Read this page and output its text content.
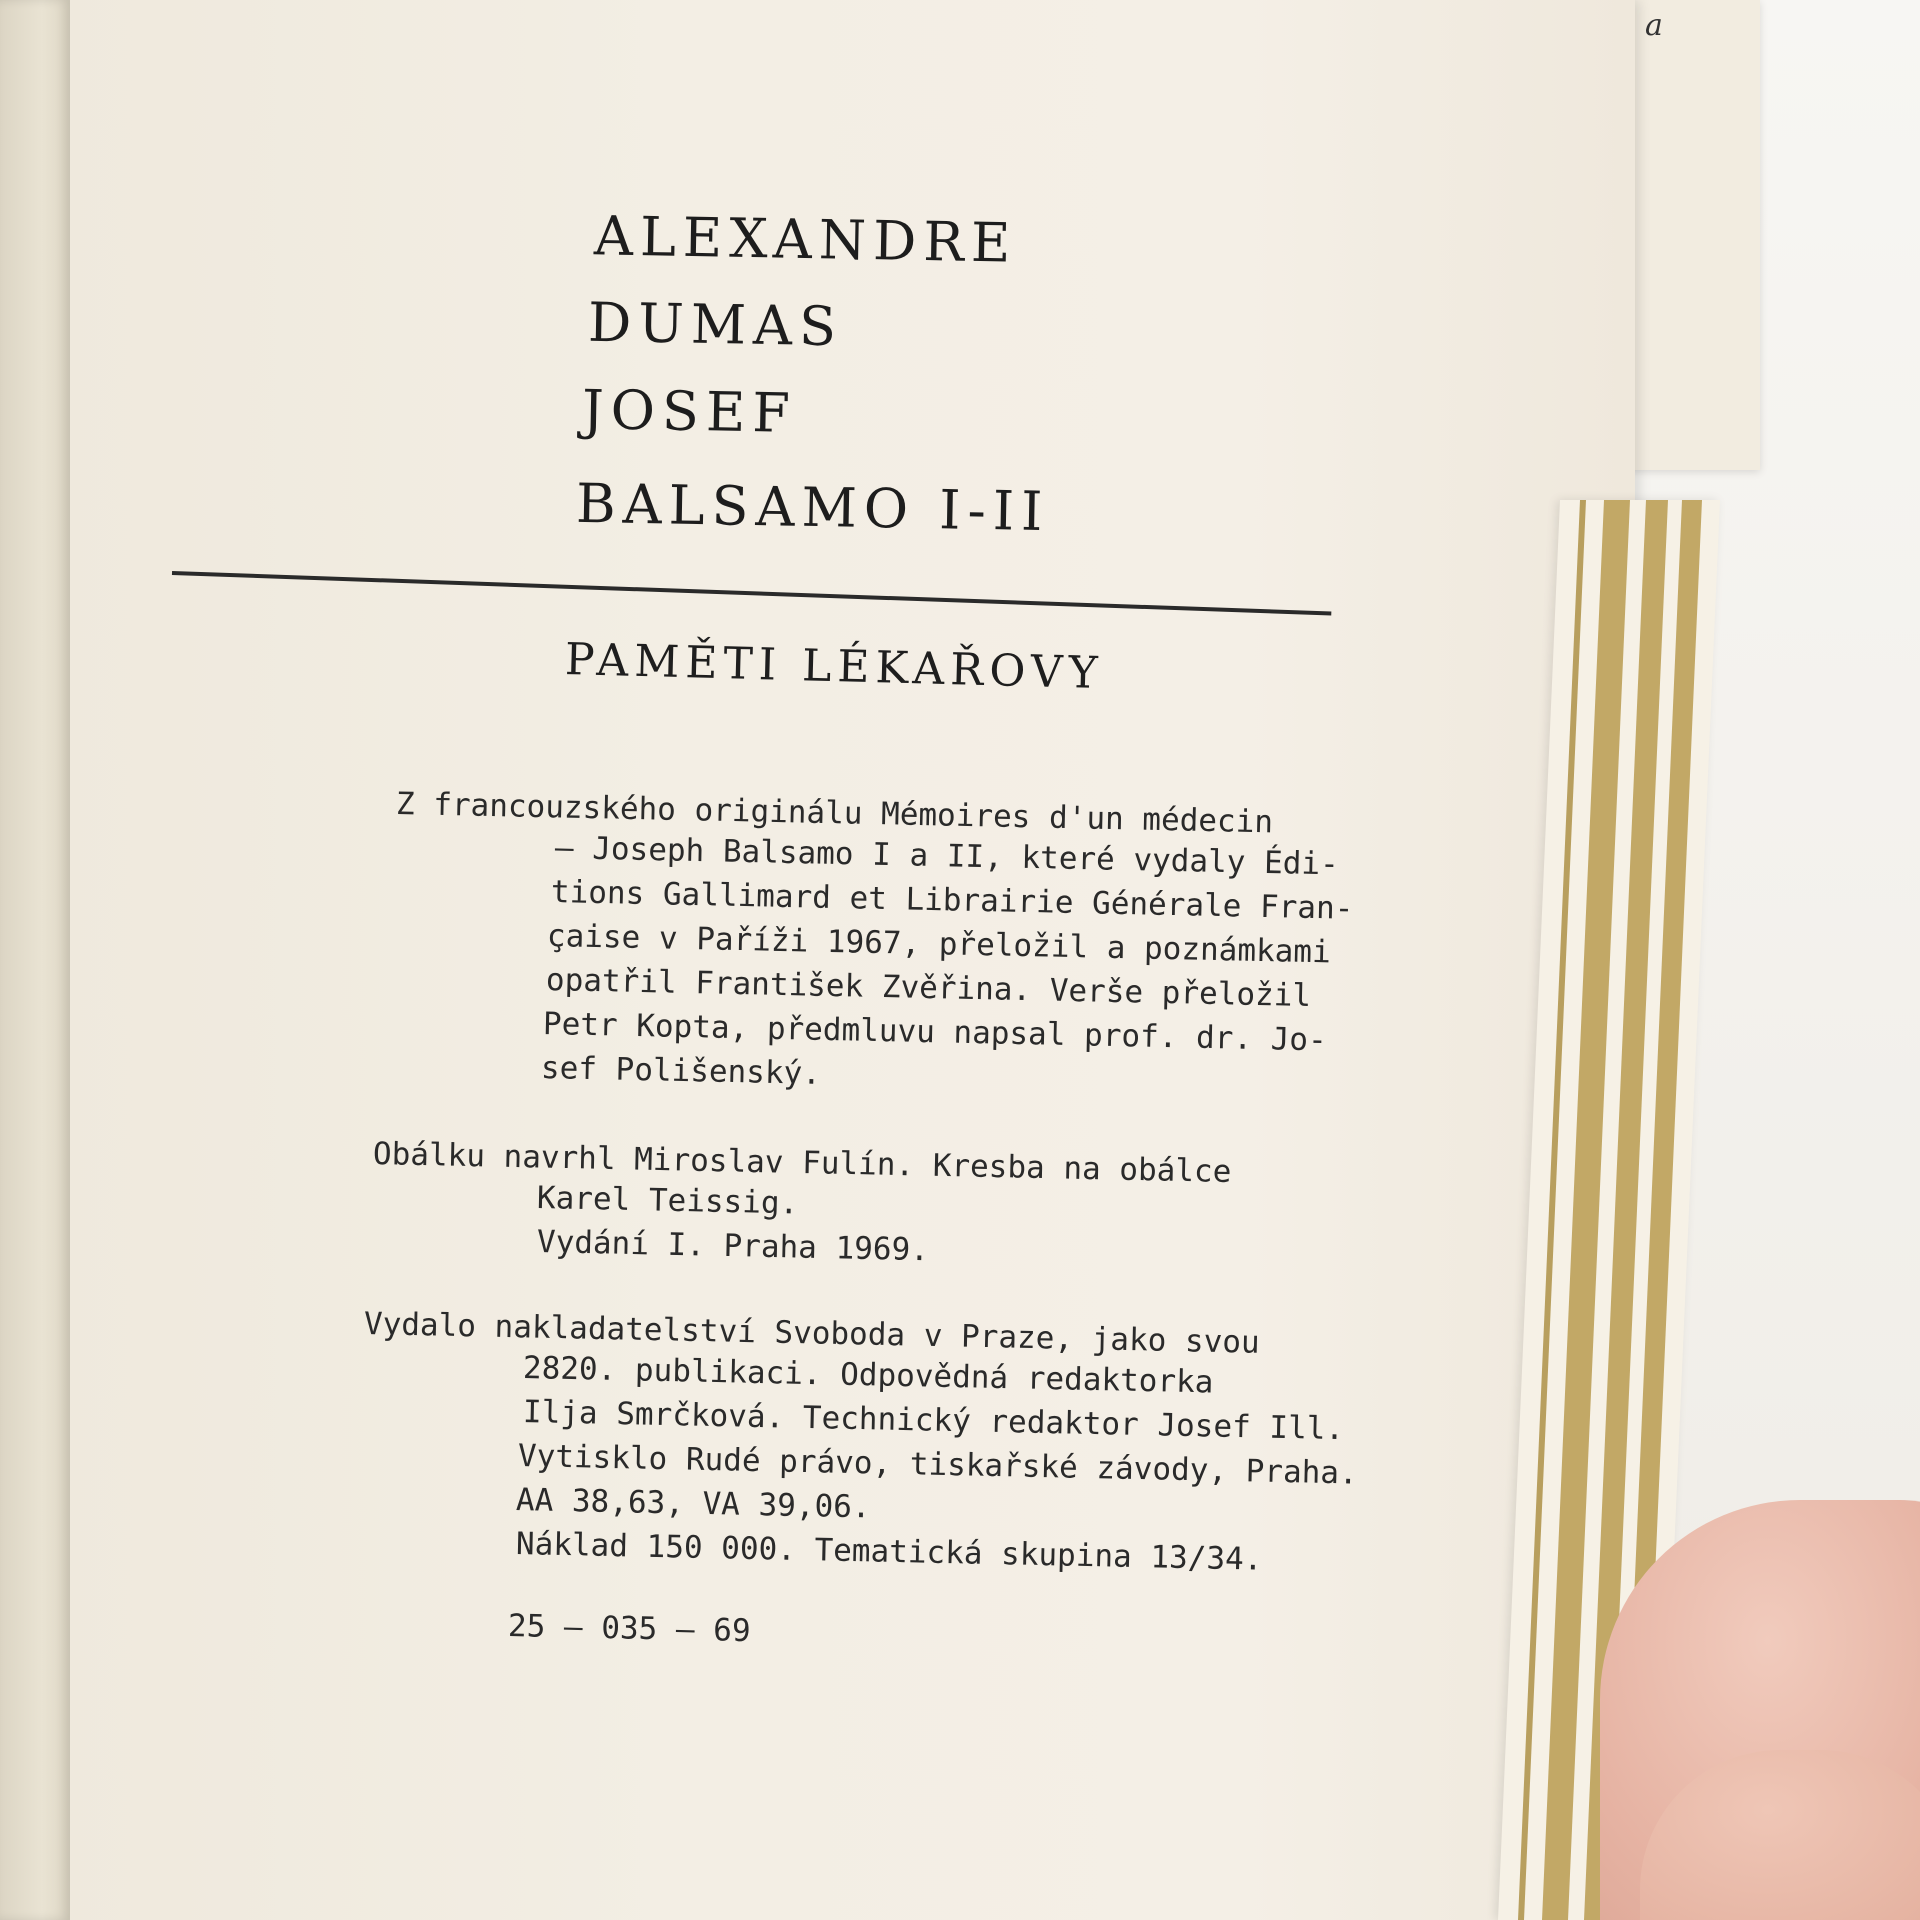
a
ALEXANDRE
DUMAS
JOSEF
BALSAMO I-II
PAMĚTI LÉKAŘOVY
Z francouzského originálu Mémoires d'un médecin
— Joseph Balsamo I a II, které vydaly Édi-
tions Gallimard et Librairie Générale Fran-
çaise v Paříži 1967, přeložil a poznámkami
opatřil František Zvěřina. Verše přeložil
Petr Kopta, předmluvu napsal prof. dr. Jo-
sef Polišenský.
Obálku navrhl Miroslav Fulín. Kresba na obálce
Karel Teissig.
Vydání I. Praha 1969.
Vydalo nakladatelství Svoboda v Praze, jako svou
2820. publikaci. Odpovědná redaktorka
Ilja Smrčková. Technický redaktor Josef Ill.
Vytisklo Rudé právo, tiskařské závody, Praha.
AA 38,63, VA 39,06.
Náklad 150 000. Tematická skupina 13/34.
25 — 035 — 69
